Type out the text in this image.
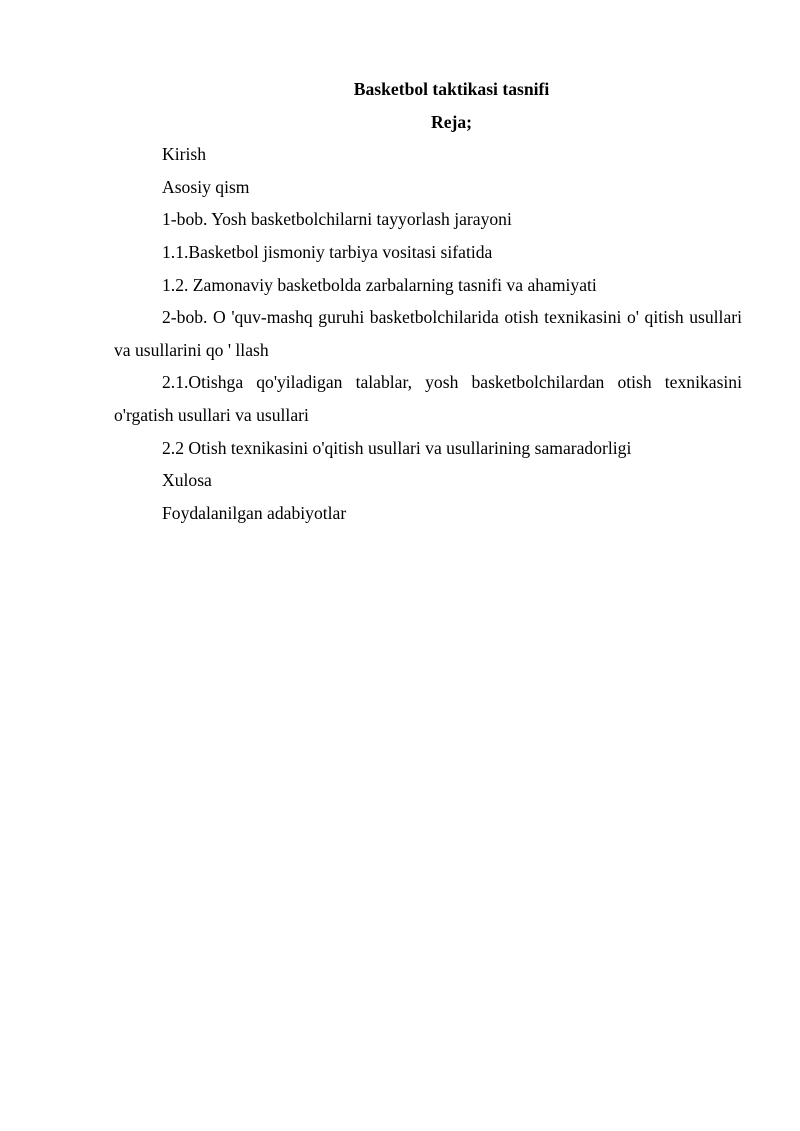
Basketbol taktikasi tasnifi

Reja;

Kirish

Asosiy qism

1-bob. Yosh basketbolchilarni tayyorlash jarayoni

1.1.Basketbol jismoniy tarbiya vositasi sifatida

1.2. Zamonaviy basketbolda zarbalarning tasnifi va ahamiyati

2-bob. O 'quv-mashq guruhi basketbolchilarida otish texnikasini o' qitish usullari va usullarini qo ' llash

2.1.Otishga qo'yiladigan talablar, yosh basketbolchilardan otish texnikasini o'rgatish usullari va usullari

2.2 Otish texnikasini o'qitish usullari va usullarining samaradorligi

Xulosa

Foydalanilgan adabiyotlar
